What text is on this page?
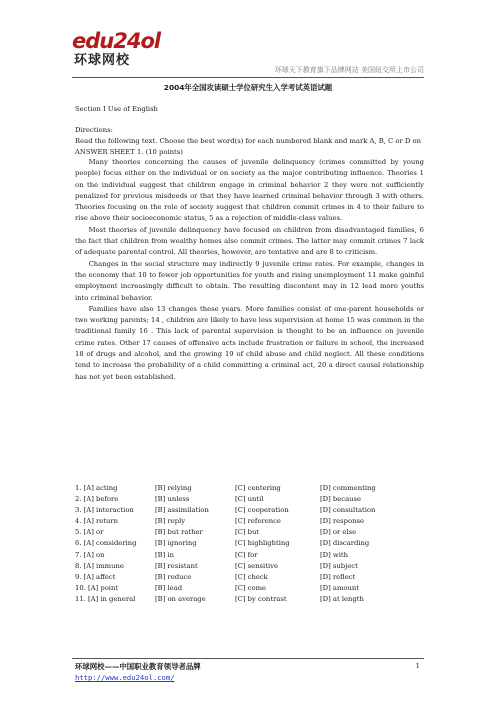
edu24ol
环球网校
环球天下教育旗下品牌网站 美国纽交所上市公司
2004年全国攻读硕士学位研究生入学考试英语试题
Section I Use of English
Directions:
Read the following text. Choose the best word(s) for each numbered blank and mark A, B, C or D on ANSWER SHEET 1. (10 points)

Many theories concerning the causes of juvenile delinquency (crimes committed by young people) focus either on the individual or on society as the major contributing influence. Theories 1 on the individual suggest that children engage in criminal behavior 2 they were not sufficiently penalized for previous misdeeds or that they have learned criminal behavior through 3 with others. Theories focusing on the role of society suggest that children commit crimes in 4 to their failure to rise above their socioeconomic status, 5 as a rejection of middle-class values.

Most theories of juvenile delinquency have focused on children from disadvantaged families, 6 the fact that children from wealthy homes also commit crimes. The latter may commit crimes 7 lack of adequate parental control. All theories, however, are tentative and are 8 to criticism.

Changes in the social structure may indirectly 9 juvenile crime rates. For example, changes in the economy that 10 to fewer job opportunities for youth and rising unemployment 11 make gainful employment increasingly difficult to obtain. The resulting discontent may in 12 lead more youths into criminal behavior.

Families have also 13 changes these years. More families consist of one-parent households or two working parents; 14 , children are likely to have less supervision at home 15 was common in the traditional family 16 . This lack of parental supervision is thought to be an influence on juvenile crime rates. Other 17 causes of offensive acts include frustration or failure in school, the increased 18 of drugs and alcohol, and the growing 19 of child abuse and child neglect. All these conditions tend to increase the probability of a child committing a criminal act, 20 a direct causal relationship has not yet been established.

1. [A] acting	[B] relying	[C] centering	[D] commenting
2. [A] before	[B] unless	[C] until	[D] because
3. [A] interaction	[B] assimilation	[C] cooperation	[D] consultation
4. [A] return	[B] reply	[C] reference	[D] response
5. [A] or	[B] but rather	[C] but	[D] or else
6. [A] considering	[B] ignoring	[C] highlighting	[D] discarding
7. [A] on	[B] in	[C] for	[D] with
8. [A] immune	[B] resistant	[C] sensitive	[D] subject
9. [A] affect	[B] reduce	[C] check	[D] reflect
10. [A] point	[B] lead	[C] come	[D] amount
11. [A] in general	[B] on average	[C] by contrast	[D] at length
环球网校——中国职业教育领导者品牌
http://www.edu24ol.com/
1
